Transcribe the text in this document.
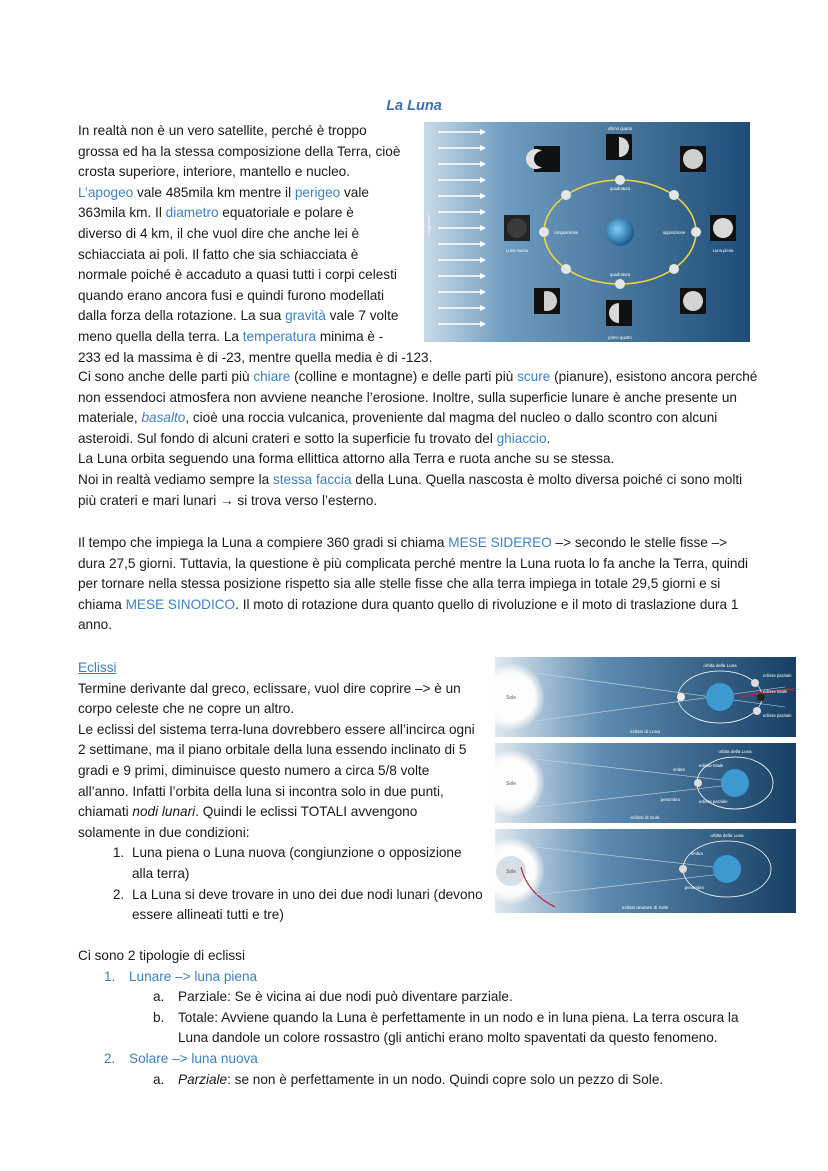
La Luna

In realtà non è un vero satellite, perché è troppo

grossa ed ha la stessa composizione della Terra, cioè

crosta superiore, interiore, mantello e nucleo.

L’apogeo vale 485mila km mentre il perigeo vale

363mila km. Il diametro equatoriale e polare è

diverso di 4 km, il che vuol dire che anche lei è

schiacciata ai poli. Il fatto che sia schiacciata è

normale poiché è accaduto a quasi tutti i corpi celesti

quando erano ancora fusi e quindi furono modellati

dalla forza della rotazione. La sua gravità vale 7 volte

meno quella della terra. La temperatura minima è -

233 ed la massima è di -23, mentre quella media è di -123.

raggi solari
ultimo quarto
primo quarto
quadratura
quadratura
congiunzione	opposizione
Luna nuova	Luna piena

Ci sono anche delle parti più chiare (colline e montagne) e delle parti più scure (pianure), esistono ancora perché non essendoci atmosfera non avviene neanche l’erosione. Inoltre, sulla superficie lunare è anche presente un materiale, basalto, cioè una roccia vulcanica, proveniente dal magma del nucleo o dallo scontro con alcuni asteroidi. Sul fondo di alcuni crateri e sotto la superficie fu trovato del ghiaccio.

La Luna orbita seguendo una forma ellittica attorno alla Terra e ruota anche su se stessa.

Noi in realtà vediamo sempre la stessa faccia della Luna. Quella nascosta è molto diversa poiché ci sono molti più crateri e mari lunari → si trova verso l’esterno.

Il tempo che impiega la Luna a compiere 360 gradi si chiama MESE SIDEREO –> secondo le stelle fisse –> dura 27,5 giorni. Tuttavia, la questione è più complicata perché mentre la Luna ruota lo fa anche la Terra, quindi per tornare nella stessa posizione rispetto sia alle stelle fisse che alla terra impiega in totale 29,5 giorni e si chiama MESE SINODICO. Il moto di rotazione dura quanto quello di rivoluzione e il moto di traslazione dura 1 anno.

Eclissi

Termine derivante dal greco, eclissare, vuol dire coprire –> è un corpo celeste che ne copre un altro.

Le eclissi del sistema terra-luna dovrebbero essere all’incirca ogni 2 settimane, ma il piano orbitale della luna essendo inclinato di 5 gradi e 9 primi, diminuisce questo numero a circa 5/8 volte all’anno. Infatti l’orbita della luna si incontra solo in due punti, chiamati nodi lunari. Quindi le eclissi TOTALI avvengono solamente in due condizioni:

1. Luna piena o Luna nuova (congiunzione o opposizione alla terra)
2. La Luna si deve trovare in uno dei due nodi lunari (devono essere allineati tutti e tre)
Sole
orbita della Luna
eclisse parziale
eclisse totale
eclisse parziale
eclissi di Luna
Sole
orbita della Luna
ombra
eclisse totale
penombra	eclisse parziale
eclissi di Sole
Sole
orbita della Luna
ombra
penombra
eclissi anulare di Sole
Ci sono 2 tipologie di eclissi
1. Lunare –> luna piena
a. Parziale: Se è vicina ai due nodi può diventare parziale.
b. Totale: Avviene quando la Luna è perfettamente in un nodo e in luna piena. La terra oscura la Luna dandole un colore rossastro (gli antichi erano molto spaventati da questo fenomeno.
2. Solare –> luna nuova
a. Parziale: se non è perfettamente in un nodo. Quindi copre solo un pezzo di Sole.
